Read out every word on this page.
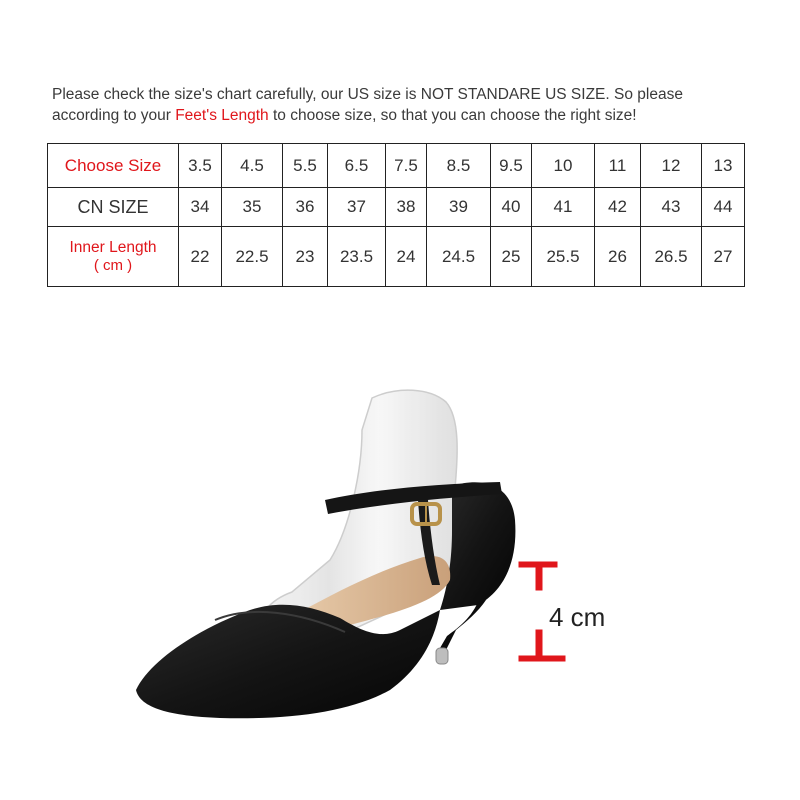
Please check the size's chart carefully, our US size is NOT STANDARE US SIZE. So please
according to your Feet's Length to choose size, so that you can choose the right size!
Choose Size	3.5	4.5	5.5	6.5	7.5	8.5	9.5	10	11	12	13
CN SIZE	34	35	36	37	38	39	40	41	42	43	44

Inner Length
( cm )	22	22.5	23	23.5	24	24.5	25	25.5	26	26.5	27
4 cm
